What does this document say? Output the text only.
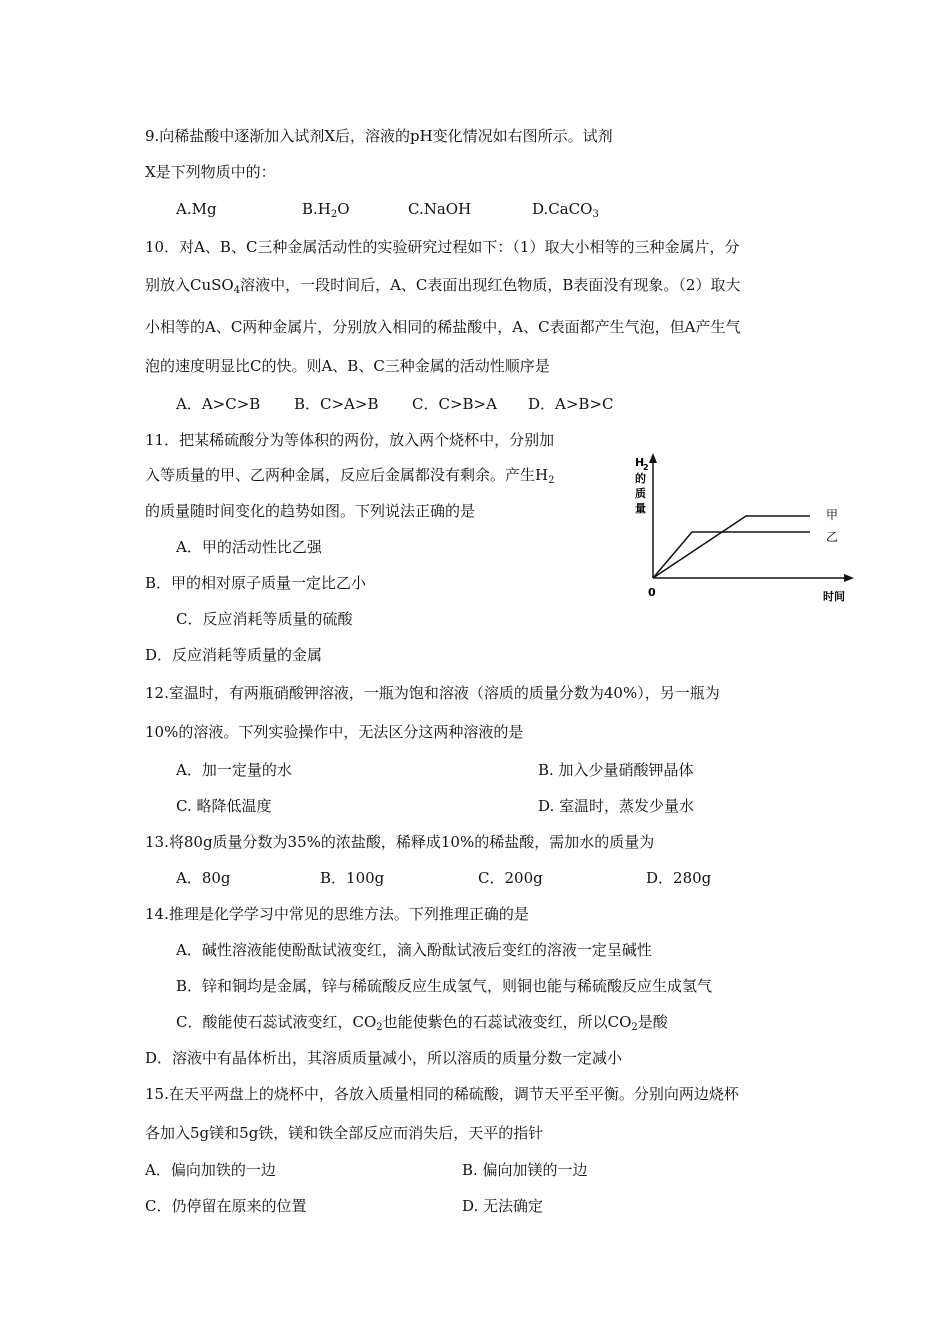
9.向稀盐酸中逐渐加入试剂X后，溶液的pH变化情况如右图所示。试剂
X是下列物质中的：
A.Mg	$B.H_2O$	C.NaOH	D.CaCO$_3$
10．对A、B、C三种金属活动性的实验研究过程如下：（1）取大小相等的三种金属片，分
别放入CuSO$_4$溶液中，一段时间后，A、C表面出现红色物质，B表面没有现象。（2）取大
小相等的A、C两种金属片，分别放入相同的稀盐酸中，A、C表面都产生气泡，但A产生气
泡的速度明显比C的快。则A、B、C三种金属的活动性顺序是
A．A>C>B B．C>A>B C．C>B>A D．A>B>C
11．把某稀硫酸分为等体积的两份，放入两个烧杯中，分别加
入等质量的甲、乙两种金属，反应后金属都没有剩余。产生$H_2$
的质量随时间变化的趋势如图。下列说法正确的是
A．甲的活动性比乙强
B．甲的相对原子质量一定比乙小
C．反应消耗等质量的硫酸
D．反应消耗等质量的金属
H
2
的
质
量
0	时间
甲
乙
12.室温时，有两瓶硝酸钾溶液，一瓶为饱和溶液（溶质的质量分数为40%），另一瓶为
10%的溶液。下列实验操作中，无法区分这两种溶液的是
A．加一定量的水	B. 加入少量硝酸钾晶体
C. 略降低温度	D. 室温时，蒸发少量水
13.将80g质量分数为35%的浓盐酸，稀释成10%的稀盐酸，需加水的质量为
A．80g	B．100g	C．200g	D．280g
14.推理是化学学习中常见的思维方法。下列推理正确的是
A．碱性溶液能使酚酞试液变红，滴入酚酞试液后变红的溶液一定呈碱性
B．锌和铜均是金属，锌与稀硫酸反应生成氢气，则铜也能与稀硫酸反应生成氢气
C．酸能使石蕊试液变红，$CO_2$也能使紫色的石蕊试液变红，所以$CO_2$是酸
D．溶液中有晶体析出，其溶质质量减小，所以溶质的质量分数一定减小
15.在天平两盘上的烧杯中，各放入质量相同的稀硫酸，调节天平至平衡。分别向两边烧杯
各加入5g镁和5g铁，镁和铁全部反应而消失后，天平的指针
A．偏向加铁的一边	B. 偏向加镁的一边
C．仍停留在原来的位置	D. 无法确定
